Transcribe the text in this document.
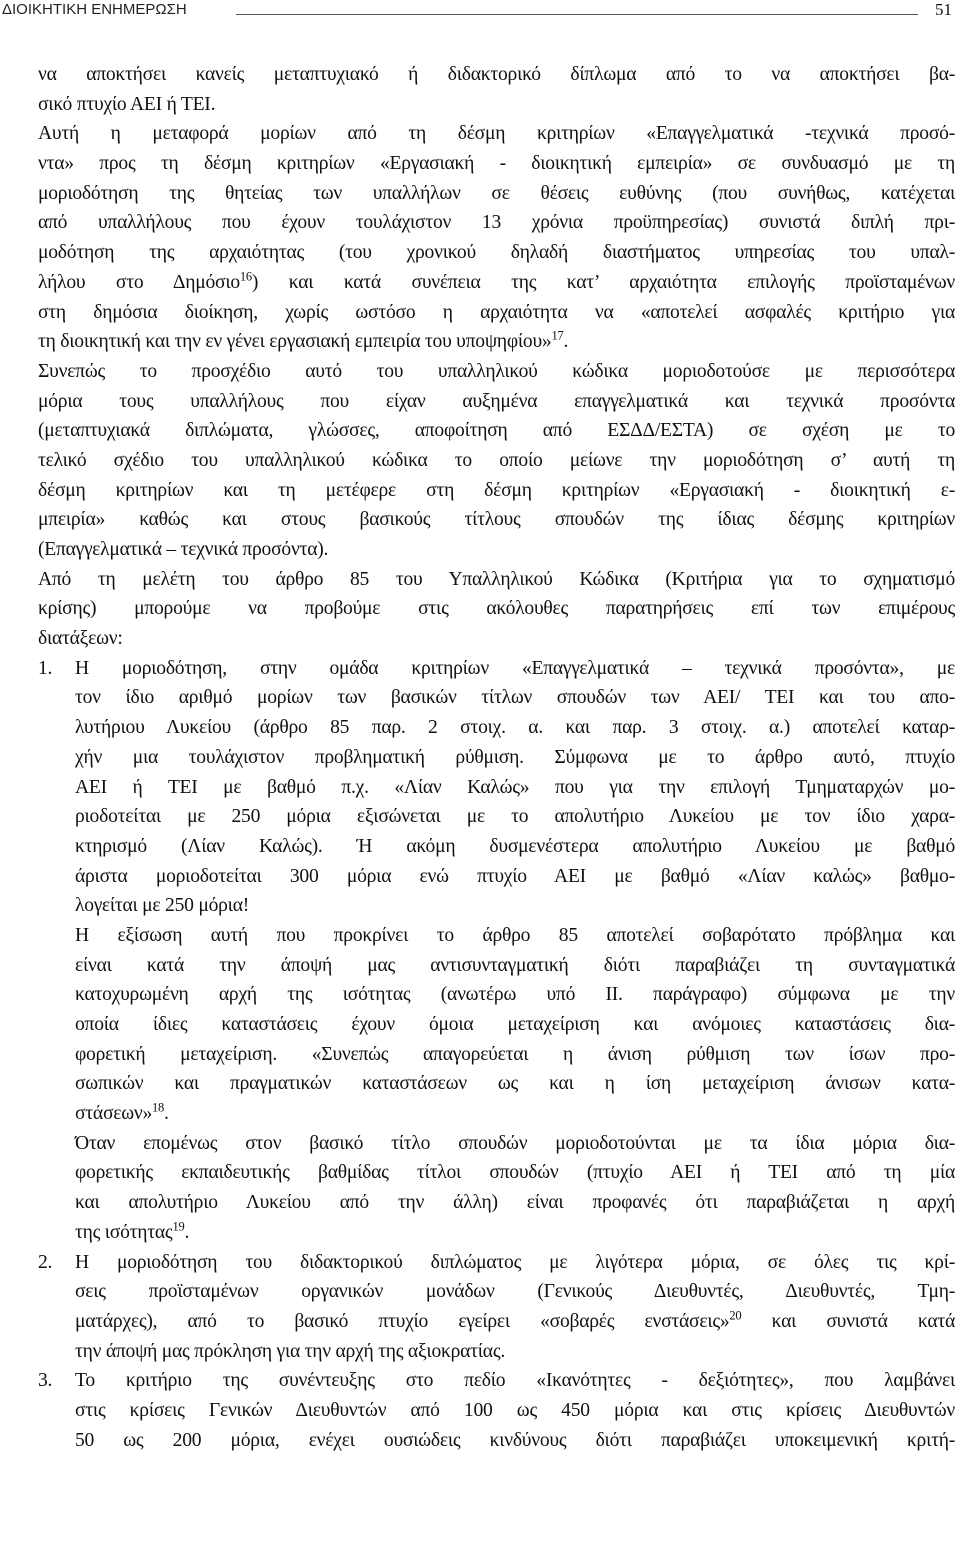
ΔΙΟΙΚΗΤΙΚΗ ΕΝΗΜΕΡΩΣΗ	51
να αποκτήσει κανείς μεταπτυχιακό ή διδακτορικό δίπλωμα από το να αποκτήσει βα-
σικό πτυχίο ΑΕΙ ή ΤΕΙ.
Αυτή η μεταφορά μορίων από τη δέσμη κριτηρίων «Επαγγελματικά -τεχνικά προσό-
ντα» προς τη δέσμη κριτηρίων «Εργασιακή - διοικητική εμπειρία» σε συνδυασμό με τη
μοριοδότηση της θητείας των υπαλλήλων σε θέσεις ευθύνης (που συνήθως, κατέχεται
από υπαλλήλους που έχουν τουλάχιστον 13 χρόνια προϋπηρεσίας) συνιστά διπλή πρι-
μοδότηση της αρχαιότητας (του χρονικού δηλαδή διαστήματος υπηρεσίας του υπαλ-
λήλου στο Δημόσιο$^{16}$) και κατά συνέπεια της κατ’ αρχαιότητα επιλογής προϊσταμένων
στη δημόσια διοίκηση, χωρίς ωστόσο η αρχαιότητα να «αποτελεί ασφαλές κριτήριο για
τη διοικητική και την εν γένει εργασιακή εμπειρία του υποψηφίου»$^{17}$.
Συνεπώς το προσχέδιο αυτό του υπαλληλικού κώδικα μοριοδοτούσε με περισσότερα
μόρια τους υπαλλήλους που είχαν αυξημένα επαγγελματικά και τεχνικά προσόντα
(μεταπτυχιακά διπλώματα, γλώσσες, αποφοίτηση από ΕΣΔΔ/ΕΣΤΑ) σε σχέση με το
τελικό σχέδιο του υπαλληλικού κώδικα το οποίο μείωνε την μοριοδότηση σ’ αυτή τη
δέσμη κριτηρίων και τη μετέφερε στη δέσμη κριτηρίων «Εργασιακή - διοικητική ε-
μπειρία» καθώς και στους βασικούς τίτλους σπουδών της ίδιας δέσμης κριτηρίων
(Επαγγελματικά – τεχνικά προσόντα).
Από τη μελέτη του άρθρο 85 του Υπαλληλικού Κώδικα (Κριτήρια για το σχηματισμό
κρίσης) μπορούμε να προβούμε στις ακόλουθες παρατηρήσεις επί των επιμέρους
διατάξεων:
1. Η μοριοδότηση, στην ομάδα κριτηρίων «Επαγγελματικά – τεχνικά προσόντα», με
τον ίδιο αριθμό μορίων των βασικών τίτλων σπουδών των ΑΕΙ/ ΤΕΙ και του απο-
λυτήριου Λυκείου (άρθρο 85 παρ. 2 στοιχ. α. και παρ. 3 στοιχ. α.) αποτελεί καταρ-
χήν μια τουλάχιστον προβληματική ρύθμιση. Σύμφωνα με το άρθρο αυτό, πτυχίο
ΑΕΙ ή ΤΕΙ με βαθμό π.χ. «Λίαν Καλώς» που για την επιλογή Τμηματαρχών μο-
ριοδοτείται με 250 μόρια εξισώνεται με το απολυτήριο Λυκείου με τον ίδιο χαρα-
κτηρισμό (Λίαν Καλώς). Ή ακόμη δυσμενέστερα απολυτήριο Λυκείου με βαθμό
άριστα μοριοδοτείται 300 μόρια ενώ πτυχίο ΑΕΙ με βαθμό «Λίαν καλώς» βαθμο-
λογείται με 250 μόρια!
Η εξίσωση αυτή που προκρίνει το άρθρο 85 αποτελεί σοβαρότατο πρόβλημα και
είναι κατά την άποψή μας αντισυνταγματική διότι παραβιάζει τη συνταγματικά
κατοχυρωμένη αρχή της ισότητας (ανωτέρω υπό ΙΙ. παράγραφο) σύμφωνα με την
οποία ίδιες καταστάσεις έχουν όμοια μεταχείριση και ανόμοιες καταστάσεις δια-
φορετική μεταχείριση. «Συνεπώς απαγορεύεται η άνιση ρύθμιση των ίσων προ-
σωπικών και πραγματικών καταστάσεων ως και η ίση μεταχείριση άνισων κατα-
στάσεων»$^{18}$.
Όταν επομένως στον βασικό τίτλο σπουδών μοριοδοτούνται με τα ίδια μόρια δια-
φορετικής εκπαιδευτικής βαθμίδας τίτλοι σπουδών (πτυχίο ΑΕΙ ή ΤΕΙ από τη μία
και απολυτήριο Λυκείου από την άλλη) είναι προφανές ότι παραβιάζεται η αρχή
της ισότητας$^{19}$.
2. Η μοριοδότηση του διδακτορικού διπλώματος με λιγότερα μόρια, σε όλες τις κρί-
σεις προϊσταμένων οργανικών μονάδων (Γενικούς Διευθυντές, Διευθυντές, Τμη-
ματάρχες), από το βασικό πτυχίο εγείρει «σοβαρές ενστάσεις»$^{20}$ και συνιστά κατά
την άποψή μας πρόκληση για την αρχή της αξιοκρατίας.
3. Το κριτήριο της συνέντευξης στο πεδίο «Ικανότητες - δεξιότητες», που λαμβάνει
στις κρίσεις Γενικών Διευθυντών από 100 ως 450 μόρια και στις κρίσεις Διευθυντών
50 ως 200 μόρια, ενέχει ουσιώδεις κινδύνους διότι παραβιάζει υποκειμενική κριτή-
